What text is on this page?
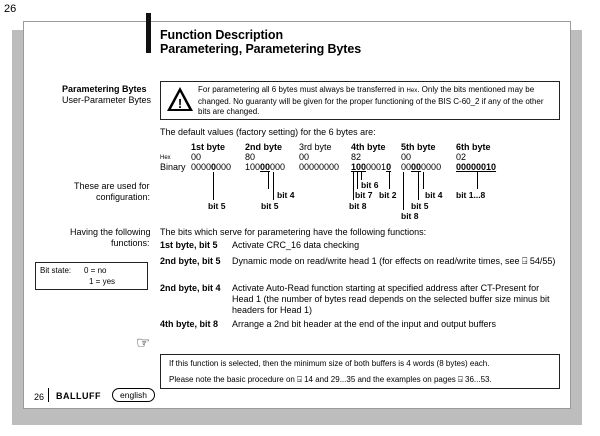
26
Function Description
Parametering, Parametering Bytes
Parametering Bytes
User-Parameter Bytes !
For parametering all 6 bytes must always be transferred in Hex. Only the bits mentioned may be changed. No guaranty will be given for the proper functioning of the BIS C-60_2 if any of the other bits are changed.
The default values (factory setting) for the 6 bytes are:
1st byte 2nd byte 3rd byte 4th byte 5th byte 6th byte
Hex 00	80	00	82	00	02
Binary 00000000 10000000 00000000 10000010 00000000 00000010
These are used for
configuration:
bit 5
bit 4
bit 5
bit 6
bit 7 bit 2
bit 8
bit 4
bit 5
bit 8
bit 1...8
Having the following
functions:
The bits which serve for parametering have the following functions:
1st byte, bit 5 Activate CRC_16 data checking
2nd byte, bit 5 Dynamic mode on read/write head 1 (for effects on read/write times, see ⍈ 54/55)
2nd byte, bit 4 Activate Auto-Read function starting at specified address after CT-Present for Head 1 (the number of bytes read depends on the selected buffer size minus bit headers for Head 1)
4th byte, bit 8 Arrange a 2nd bit header at the end of the input and output buffers
Bit state: 0 = no
1 = yes
☞
If this function is selected, then the minimum size of both buffers is 4 words (8 bytes) each.
Please note the basic procedure on ⍈ 14 and 29...35 and the examples on pages ⍈ 36...53.
26 BALLUFF	english
